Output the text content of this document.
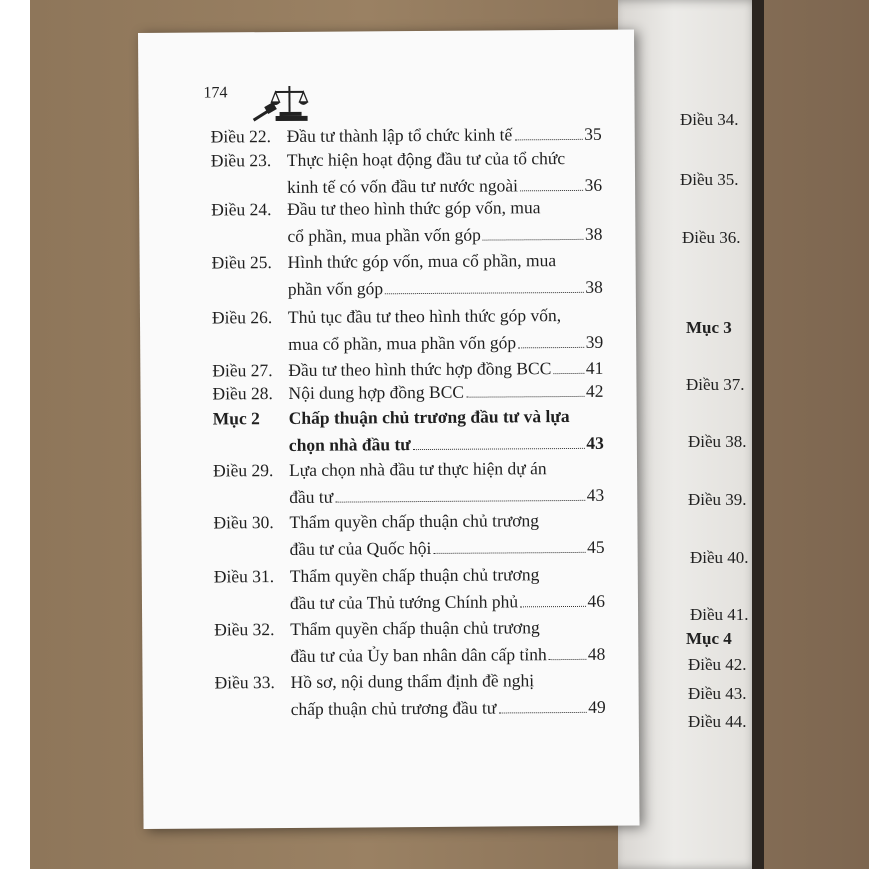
Điều 34.
Điều 35.
Điều 36.
Mục 3
Điều 37.
Điều 38.
Điều 39.
Điều 40.
Điều 41.
Mục 4
Điều 42.
Điều 43.
Điều 44.
174
Điều 22. Đầu tư thành lập tổ chức kinh tế	35
Điều 23. Thực hiện hoạt động đầu tư của tổ chức
kinh tế có vốn đầu tư nước ngoài	36
Điều 24. Đầu tư theo hình thức góp vốn, mua
cổ phần, mua phần vốn góp	38
Điều 25. Hình thức góp vốn, mua cổ phần, mua
phần vốn góp	38
Điều 26. Thủ tục đầu tư theo hình thức góp vốn,
mua cổ phần, mua phần vốn góp	39
Điều 27. Đầu tư theo hình thức hợp đồng BCC 41
Điều 28. Nội dung hợp đồng BCC	42
Mục 2 Chấp thuận chủ trương đầu tư và lựa
chọn nhà đầu tư	43
Điều 29. Lựa chọn nhà đầu tư thực hiện dự án
đầu tư	43
Điều 30. Thẩm quyền chấp thuận chủ trương
đầu tư của Quốc hội	45
Điều 31. Thẩm quyền chấp thuận chủ trương
đầu tư của Thủ tướng Chính phủ	46
Điều 32. Thẩm quyền chấp thuận chủ trương
đầu tư của Ủy ban nhân dân cấp tỉnh 48
Điều 33. Hồ sơ, nội dung thẩm định đề nghị
chấp thuận chủ trương đầu tư	49
